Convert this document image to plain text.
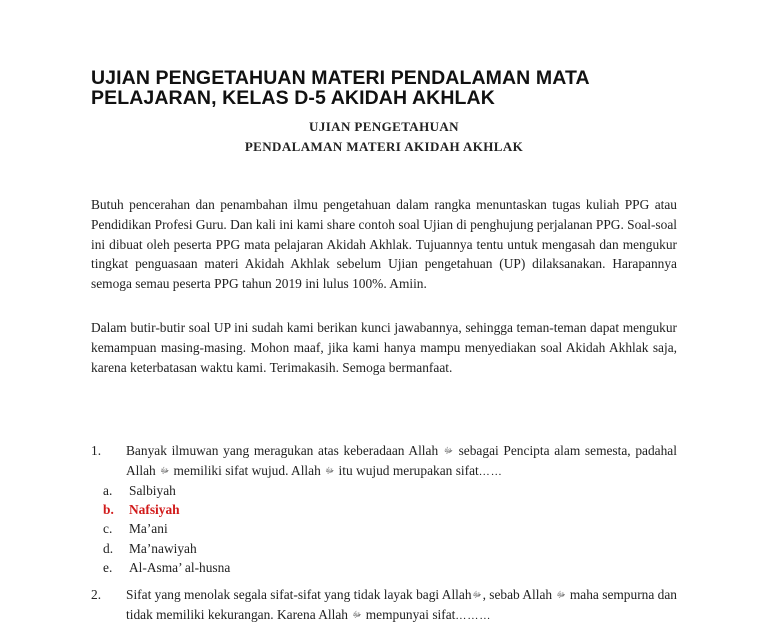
UJIAN PENGETAHUAN MATERI PENDALAMAN MATA PELAJARAN, KELAS D-5 AKIDAH AKHLAK
UJIAN PENGETAHUAN
PENDALAMAN MATERI AKIDAH AKHLAK

Butuh pencerahan dan penambahan ilmu pengetahuan dalam rangka menuntaskan tugas kuliah PPG atau Pendidikan Profesi Guru. Dan kali ini kami share contoh soal Ujian di penghujung perjalanan PPG. Soal-soal ini dibuat oleh peserta PPG mata pelajaran Akidah Akhlak. Tujuannya tentu untuk mengasah dan mengukur tingkat penguasaan materi Akidah Akhlak sebelum Ujian pengetahuan (UP) dilaksanakan. Harapannya semoga semau peserta PPG tahun 2019 ini lulus 100%. Amiin.

Dalam butir-butir soal UP ini sudah kami berikan kunci jawabannya, sehingga teman-teman dapat mengukur kemampuan masing-masing. Mohon maaf, jika kami hanya mampu menyediakan soal Akidah Akhlak saja, karena keterbatasan waktu kami. Terimakasih. Semoga bermanfaat.

1. Banyak ilmuwan yang meragukan atas keberadaan Allah ﷻ sebagai Pencipta alam semesta, padahal Allah ﷻ memiliki sifat wujud. Allah ﷻ itu wujud merupakan sifat……
a. Salbiyah
b. Nafsiyah
c. Ma’ani
d. Ma’nawiyah
e. Al-Asma’ al-husna
2. Sifat yang menolak segala sifat-sifat yang tidak layak bagi Allahﷻ, sebab Allah ﷻ maha sempurna dan tidak memiliki kekurangan. Karena Allah ﷻ mempunyai sifat………
